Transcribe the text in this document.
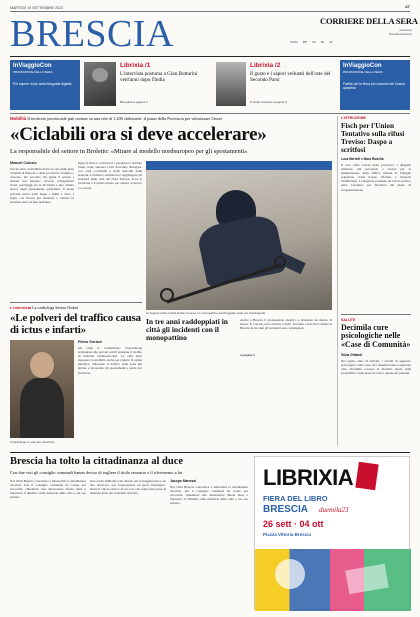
MARTEDÌ 19 SETTEMBRE 2023	AT
BRESCIA	CORRIERE DELLA SERA
corriere.it
brescia.corriere.it
OGGI 27° 20 26 22
InViaggioCon
PROMOZIONE DELLA SERA
Per sapere di più sulla fotografia digitale
Librixia /1
L'intervista postuma a Gian Butturini vent'anni dopo l'India
Benedetti a pagina 4
Librixia /2
Il gusto e i sapori vellutati dell'oste del Secondo Parsi
P. Ester Cassetti a pagina 5
InViaggioCon
PROMOZIONE DELLA SERA
Partire per la firma più cammini del Ciasca quadrina
Mobilità Il territorio provinciale può contare su una rete di 1.200 chilometri: il piano della Provincia per valorizzare l'asset
«Ciclabili ora si deve accelerare»
La responsabile del settore in Broletto: «Mirare al modello nordeuropeo per gli spostamenti»
Manuel Colosio
Già un anno di mobilità dolce: la rete delle piste ciclabili di Brescia e della provincia continua a crescere, ma secondo chi guida il settore i numeri non bastano: servono collegamenti sicuri, parcheggi per le biciclette e una cultura nuova degli spostamenti quotidiani. Il piano prevede nuovi tratti lungo i fiumi e verso i laghi, con risorse già stanziate e cantieri in partenza entro la fine dell'anno.
Oggi la sfida è convincere i pendolari a lasciare l'auto: treni, autobus e bici dovranno dialogare, con orari coordinati e stalli custoditi nelle stazioni. L'obiettivo dichiarato è raggiungere gli standard delle città del Nord Europa, dove la bicicletta è il primo mezzo per andare al lavoro e a scuola.
Un'agente della polizia locale rimuove un monopattino parcheggiato male sul marciapiede
In tre anni raddoppiati in città gli incidenti con il monopattino
Anche a Brescia il monopattino elettrico è diventato un mezzo di massa. E, con lui, sono arrivati i rischi. Secondo i dati del Comune di Brescia in tre anni gli incidenti sono raddoppiati.
a pagina 3
L'intervista La cardiologa Savina Nodari
«Le polveri del traffico causa di ictus e infarti»
Il cardiologo in una foto d'archivio
Pietro Gorlani
Gli studi lo confermano: l'esposizione prolungata alle polveri sottili aumenta il rischio di malattie cardiovascolari. La città deve ripensare la mobilità anche per ragioni di salute pubblica, riducendo il traffico nelle zone più abitate e favorendo gli spostamenti a piedi e in bicicletta.
L'ISTRUZIONE
Fisch per l'Union Tentativo sulla rifusi Treviso: Daspo a scritfosi
Luca Bertelli e Mara Rodella
Il caso nelle scuole della provincia: i dirigenti chiedono più personale e risorse per la manutenzione degli edifici, mentre le famiglie segnalano classi troppo affollate e trasporti insufficienti. La Regione promette un tavolo tecnico entro l'autunno per discutere del piano di riorganizzazione.
SALUTE
Decimila cure psicologiche nelle «Case di Comunità»
Silvia Ghilardi
Nel primo anno di attività, i servizi di supporto psicologico nelle Case di Comunità hanno registrato oltre diecimila accessi. Il modello punta sulla prossimità e sulla presa in carico rapida dei pazienti.
Brescia ha tolto la cittadinanza al duce
Con due voti gli consiglio comunali hanno deciso di togliere il titolo onorario e il riferimento a lui
Nel 1924 Brescia concedeva a Mussolini la cittadinanza onoraria. Ieri il consiglio comunale ha votato per revocarla, chiudendo una discussione durata mesi e riaprendo il dibattito sulla memoria della città e sul suo passato.
Una scelta simbolica che divide: per la maggioranza è un atto doveroso, per l'opposizione un gesto ideologico. Resta il valore storico di un voto che segna una presa di distanza netta dal ventennio fascista.
Jacopo Manessi
Nel 1924 Brescia concedeva a Mussolini la cittadinanza onoraria. Ieri il consiglio comunale ha votato per revocarla, chiudendo una discussione durata mesi e riaprendo il dibattito sulla memoria della città e sul suo passato.
LIBRIXIA
FIERA DEL LIBRO
BRESCIA duemila23
26 sett · 04 ott
Piazza Vittoria Brescia
